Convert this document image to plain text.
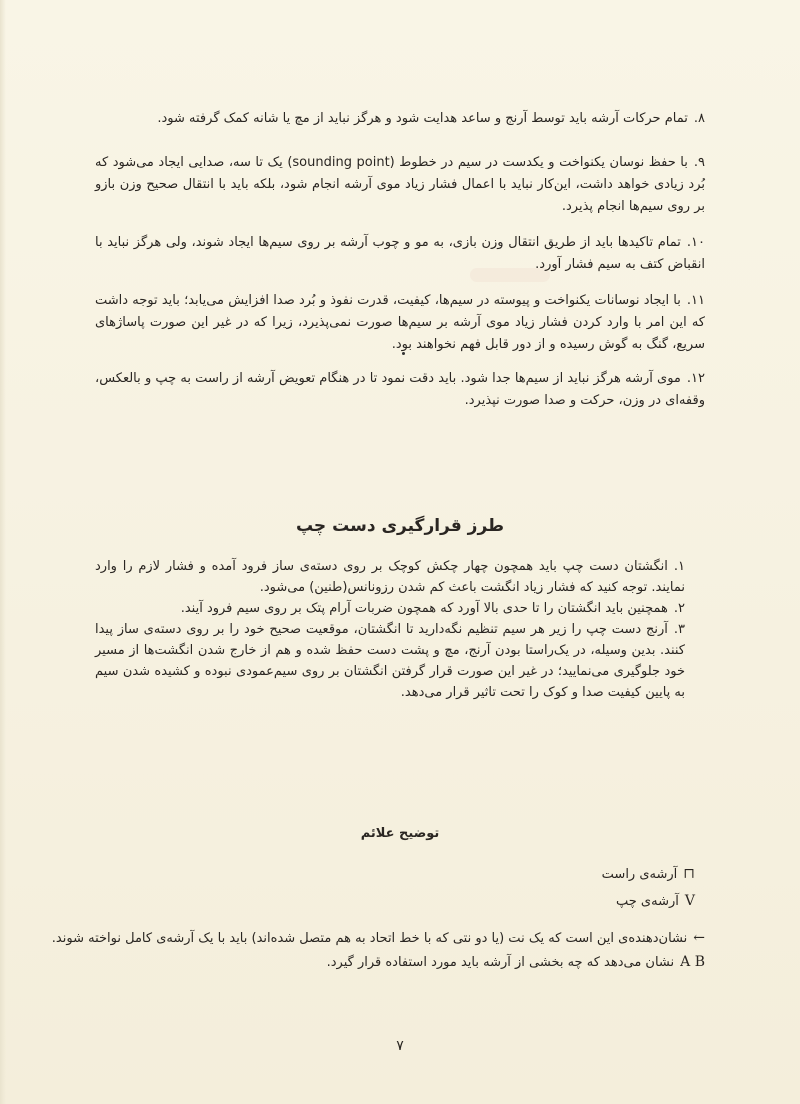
۸.تمام حرکات آرشه باید توسط آرنج و ساعد هدایت شود و هرگز نباید از مچ یا شانه کمک گرفته شود.
۹.با حفظ نوسان یکنواخت و یکدست در سیم در خطوط (sounding point) یک تا سه، صدایی ایجاد می‌شود که بُرد زیادی خواهد داشت، این‌کار نباید با اعمال فشار زیاد موی آرشه انجام شود، بلکه باید با انتقال صحیح وزن بازو بر روی سیم‌ها انجام پذیرد.
۱۰.تمام تاکیدها باید از طریق انتقال وزن بازی، به مو و چوب آرشه بر روی سیم‌ها ایجاد شوند، ولی هرگز نباید با انقباض کتف به سیم فشار آورد.
۱۱.با ایجاد نوسانات یکنواخت و پیوسته در سیم‌ها، کیفیت، قدرت نفوذ و بُرد صدا افزایش می‌یابد؛ باید توجه داشت که این امر با وارد کردن فشار زیاد موی آرشه بر سیم‌ها صورت نمی‌پذیرد، زیرا که در غیر این صورت پاساژهای سریع، گنگ به گوش رسیده و از دور قابل فهم نخواهند بود.
۱۲.موی آرشه هرگز نباید از سیم‌ها جدا شود. باید دقت نمود تا در هنگام تعویض آرشه از راست به چپ و بالعکس، وقفه‌ای در وزن، حرکت و صدا صورت نپذیرد.
طرز قرارگیری دست چپ
۱.انگشتان دست چپ باید همچون چهار چکش کوچک بر روی دسته‌ی ساز فرود آمده و فشار لازم را وارد نمایند. توجه کنید که فشار زیاد انگشت باعث کم شدن رزونانس(طنین) می‌شود.
۲.همچنین باید انگشتان را تا حدی بالا آورد که همچون ضربات آرام پتک بر روی سیم فرود آیند.
۳.آرنج دست چپ را زیر هر سیم تنظیم نگه‌دارید تا انگشتان، موقعیت صحیح خود را بر روی دسته‌ی ساز پیدا کنند. بدین وسیله، در یک‌راستا بودن آرنج، مچ و پشت دست حفظ شده و هم از خارج شدن انگشت‌ها از مسیر خود جلوگیری می‌نمایید؛ در غیر این صورت قرار گرفتن انگشتان بر روی سیم‌عمودی نبوده و کشیده شدن سیم به پایین کیفیت صدا و کوک را تحت تاثیر قرار می‌دهد.
توضیح علائم
⊓آرشه‌ی راست
Vآرشه‌ی چپ
←نشان‌دهنده‌ی این است که یک نت (یا دو نتی که با خط اتحاد به هم متصل شده‌اند) باید با یک آرشه‌ی کامل نواخته شوند.
A Bنشان می‌دهد که چه بخشی از آرشه باید مورد استفاده قرار گیرد.
۷
